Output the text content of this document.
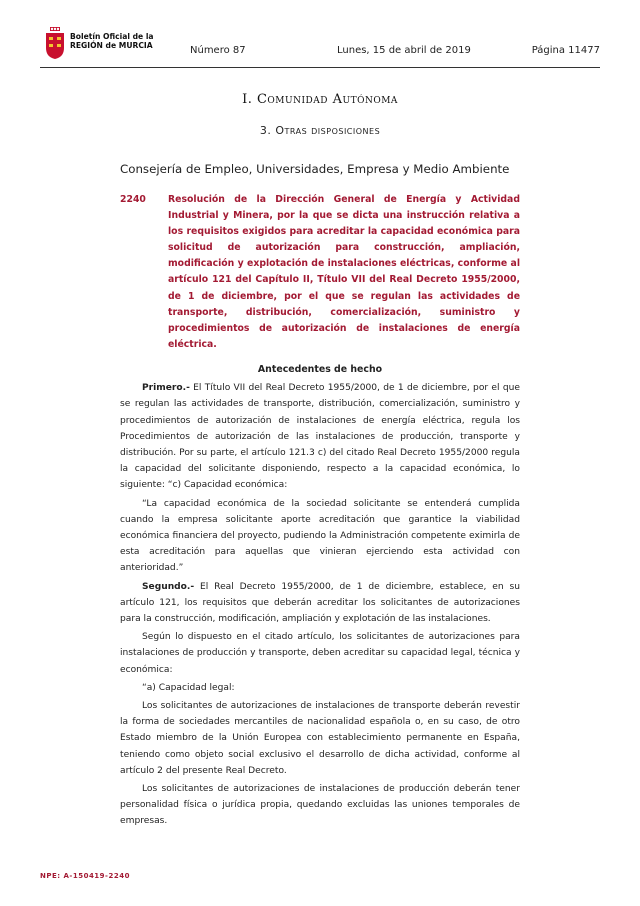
Boletín Oficial de la
REGIÓN de MURCIA	Número 87	Lunes, 15 de abril de 2019	Página 11477
I. Comunidad Autónoma
3. Otras disposiciones
Consejería de Empleo, Universidades, Empresa y Medio Ambiente
2240 Resolución de la Dirección General de Energía y Actividad Industrial y Minera, por la que se dicta una instrucción relativa a los requisitos exigidos para acreditar la capacidad económica para solicitud de autorización para construcción, ampliación, modificación y explotación de instalaciones eléctricas, conforme al artículo 121 del Capítulo II, Título VII del Real Decreto 1955/2000, de 1 de diciembre, por el que se regulan las actividades de transporte, distribución, comercialización, suministro y procedimientos de autorización de instalaciones de energía eléctrica.
Antecedentes de hecho

Primero.- El Título VII del Real Decreto 1955/2000, de 1 de diciembre, por el que se regulan las actividades de transporte, distribución, comercialización, suministro y procedimientos de autorización de instalaciones de energía eléctrica, regula los Procedimientos de autorización de las instalaciones de producción, transporte y distribución. Por su parte, el artículo 121.3 c) del citado Real Decreto 1955/2000 regula la capacidad del solicitante disponiendo, respecto a la capacidad económica, lo siguiente: “c) Capacidad económica:

“La capacidad económica de la sociedad solicitante se entenderá cumplida cuando la empresa solicitante aporte acreditación que garantice la viabilidad económica financiera del proyecto, pudiendo la Administración competente eximirla de esta acreditación para aquellas que vinieran ejerciendo esta actividad con anterioridad.”

Segundo.- El Real Decreto 1955/2000, de 1 de diciembre, establece, en su artículo 121, los requisitos que deberán acreditar los solicitantes de autorizaciones para la construcción, modificación, ampliación y explotación de las instalaciones.

Según lo dispuesto en el citado artículo, los solicitantes de autorizaciones para instalaciones de producción y transporte, deben acreditar su capacidad legal, técnica y económica:

“a) Capacidad legal:

Los solicitantes de autorizaciones de instalaciones de transporte deberán revestir la forma de sociedades mercantiles de nacionalidad española o, en su caso, de otro Estado miembro de la Unión Europea con establecimiento permanente en España, teniendo como objeto social exclusivo el desarrollo de dicha actividad, conforme al artículo 2 del presente Real Decreto.

Los solicitantes de autorizaciones de instalaciones de producción deberán tener personalidad física o jurídica propia, quedando excluidas las uniones temporales de empresas.

NPE: A-150419-2240
